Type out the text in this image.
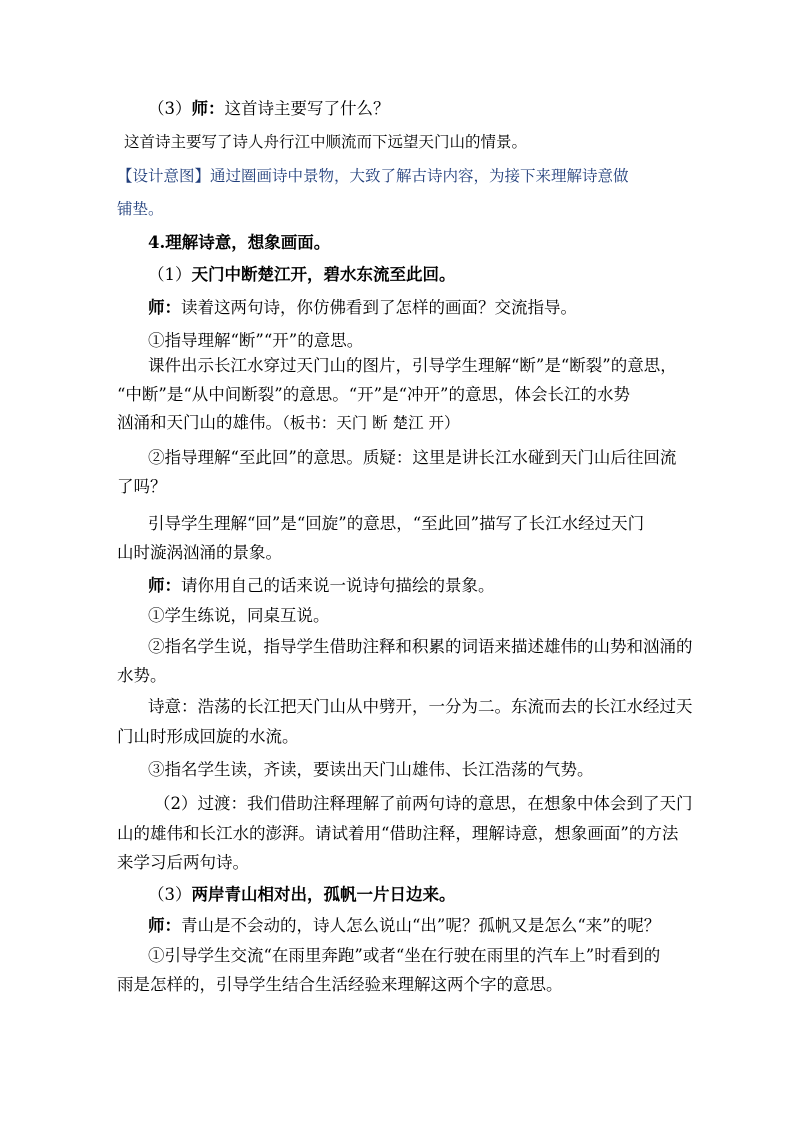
（3）师：这首诗主要写了什么？
这首诗主要写了诗人舟行江中顺流而下远望天门山的情景。
【设计意图】通过圈画诗中景物，大致了解古诗内容，为接下来理解诗意做
铺垫。
4.理解诗意，想象画面。
（1）天门中断楚江开，碧水东流至此回。
师：读着这两句诗，你仿佛看到了怎样的画面？交流指导。
①指导理解“断”“开”的意思。
课件出示长江水穿过天门山的图片，引导学生理解“断”是“断裂”的意思，
“中断”是“从中间断裂”的意思。“开”是“冲开”的意思，体会长江的水势
汹涌和天门山的雄伟。（板书：天门 断 楚江 开）
②指导理解“至此回”的意思。质疑：这里是讲长江水碰到天门山后往回流
了吗？
引导学生理解“回”是“回旋”的意思，“至此回”描写了长江水经过天门
山时漩涡汹涌的景象。
师：请你用自己的话来说一说诗句描绘的景象。
①学生练说，同桌互说。
②指名学生说，指导学生借助注释和积累的词语来描述雄伟的山势和汹涌的
水势。
诗意：浩荡的长江把天门山从中劈开，一分为二。东流而去的长江水经过天
门山时形成回旋的水流。
③指名学生读，齐读，要读出天门山雄伟、长江浩荡的气势。
（2）过渡：我们借助注释理解了前两句诗的意思，在想象中体会到了天门
山的雄伟和长江水的澎湃。请试着用“借助注释，理解诗意，想象画面”的方法
来学习后两句诗。
（3）两岸青山相对出，孤帆一片日边来。
师：青山是不会动的，诗人怎么说山“出”呢？孤帆又是怎么“来”的呢？
①引导学生交流“在雨里奔跑”或者“坐在行驶在雨里的汽车上”时看到的
雨是怎样的，引导学生结合生活经验来理解这两个字的意思。
